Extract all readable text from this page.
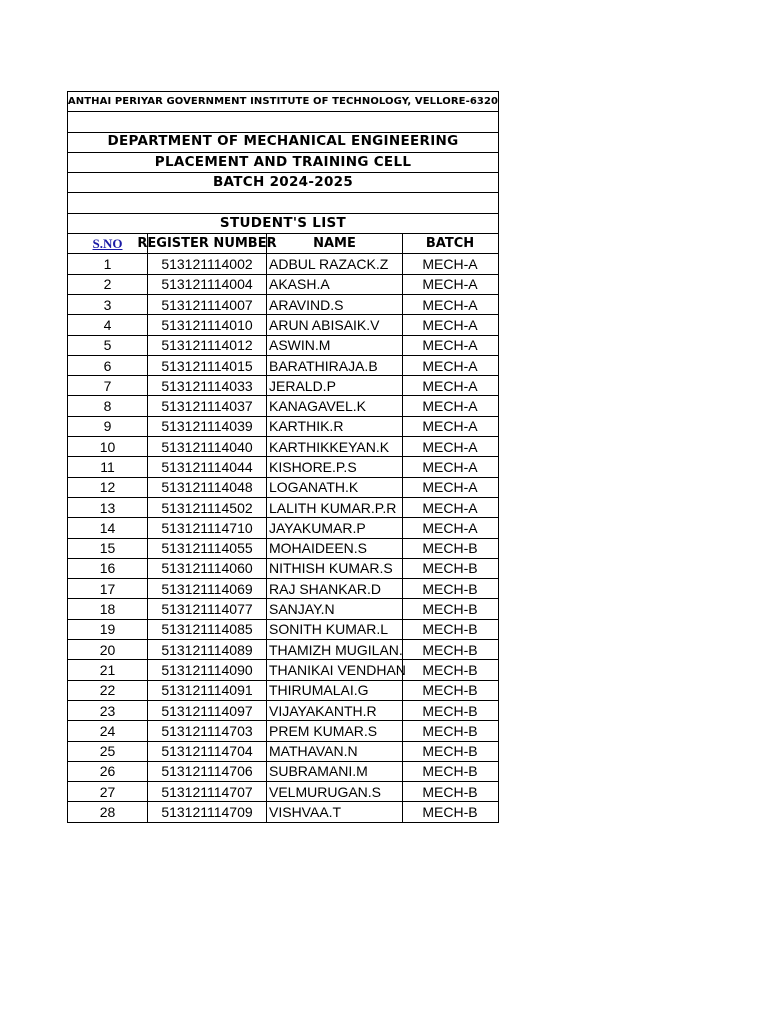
ANTHAI PERIYAR GOVERNMENT INSTITUTE OF TECHNOLOGY, VELLORE-6320
DEPARTMENT OF MECHANICAL ENGINEERING
PLACEMENT AND TRAINING CELL
BATCH 2024-2025
STUDENT'S LIST
S.NO	REGISTER NUMBER	NAME	BATCH
1	513121114002	ADBUL RAZACK.Z	MECH-A
2	513121114004	AKASH.A	MECH-A
3	513121114007	ARAVIND.S	MECH-A
4	513121114010	ARUN ABISAIK.V	MECH-A
5	513121114012	ASWIN.M	MECH-A
6	513121114015	BARATHIRAJA.B	MECH-A
7	513121114033	JERALD.P	MECH-A
8	513121114037	KANAGAVEL.K	MECH-A
9	513121114039	KARTHIK.R	MECH-A
10	513121114040	KARTHIKKEYAN.K	MECH-A
11	513121114044	KISHORE.P.S	MECH-A
12	513121114048	LOGANATH.K	MECH-A
13	513121114502	LALITH KUMAR.P.R	MECH-A
14	513121114710	JAYAKUMAR.P	MECH-A
15	513121114055	MOHAIDEEN.S	MECH-B
16	513121114060	NITHISH KUMAR.S	MECH-B
17	513121114069	RAJ SHANKAR.D	MECH-B
18	513121114077	SANJAY.N	MECH-B
19	513121114085	SONITH KUMAR.L	MECH-B
20	513121114089	THAMIZH MUGILAN.	MECH-B
21	513121114090	THANIKAI VENDHAN	MECH-B
22	513121114091	THIRUMALAI.G	MECH-B
23	513121114097	VIJAYAKANTH.R	MECH-B
24	513121114703	PREM KUMAR.S	MECH-B
25	513121114704	MATHAVAN.N	MECH-B
26	513121114706	SUBRAMANI.M	MECH-B
27	513121114707	VELMURUGAN.S	MECH-B
28	513121114709	VISHVAA.T	MECH-B
